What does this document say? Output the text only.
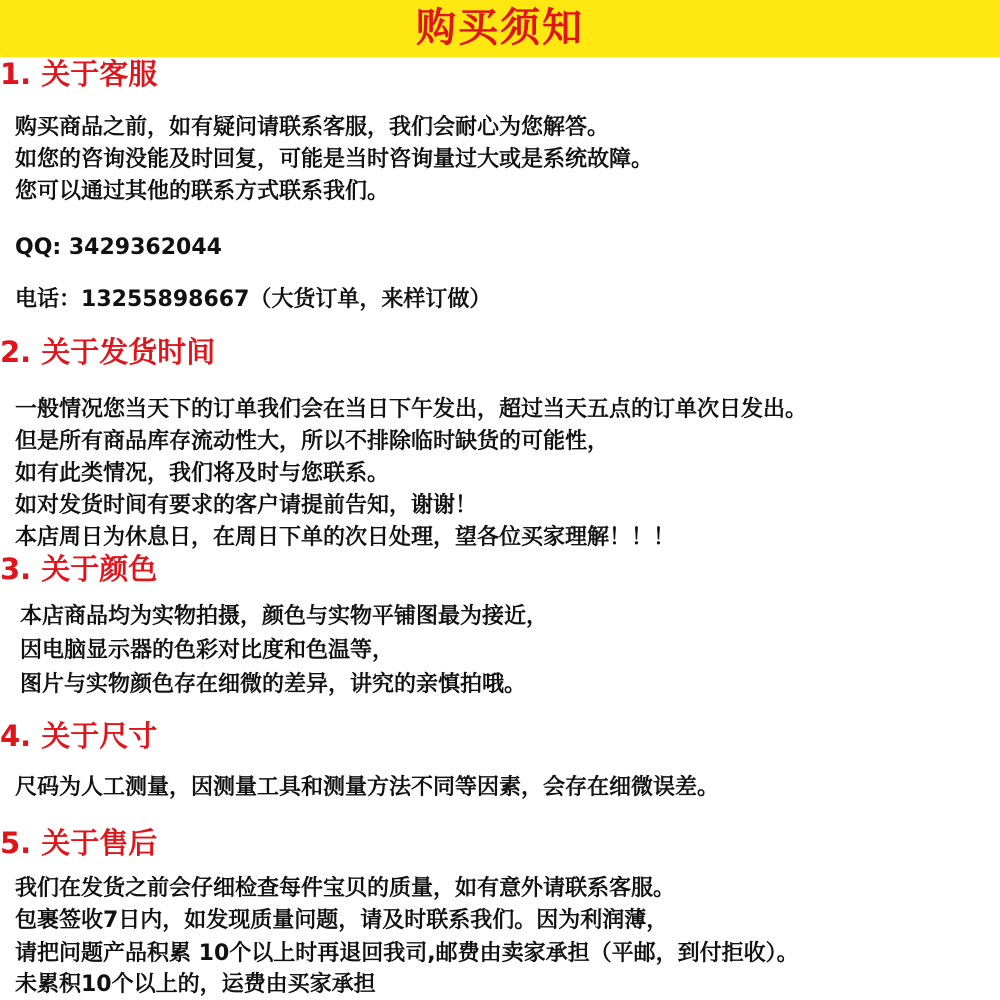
购买须知
1. 关于客服
购买商品之前，如有疑问请联系客服，我们会耐心为您解答。
如您的咨询没能及时回复，可能是当时咨询量过大或是系统故障。
您可以通过其他的联系方式联系我们。
QQ: 3429362044
电话：13255898667（大货订单，来样订做）
2. 关于发货时间
一般情况您当天下的订单我们会在当日下午发出，超过当天五点的订单次日发出。
但是所有商品库存流动性大，所以不排除临时缺货的可能性，
如有此类情况，我们将及时与您联系。
如对发货时间有要求的客户请提前告知，谢谢！
本店周日为休息日，在周日下单的次日处理，望各位买家理解！！！
3. 关于颜色
本店商品均为实物拍摄，颜色与实物平铺图最为接近，
因电脑显示器的色彩对比度和色温等，
图片与实物颜色存在细微的差异，讲究的亲慎拍哦。
4. 关于尺寸
尺码为人工测量，因测量工具和测量方法不同等因素，会存在细微误差。
5. 关于售后
我们在发货之前会仔细检查每件宝贝的质量，如有意外请联系客服。
包裹签收7日内，如发现质量问题，请及时联系我们。因为利润薄，
请把问题产品积累 10个以上时再退回我司,邮费由卖家承担（平邮，到付拒收）。
未累积10个以上的，运费由买家承担
